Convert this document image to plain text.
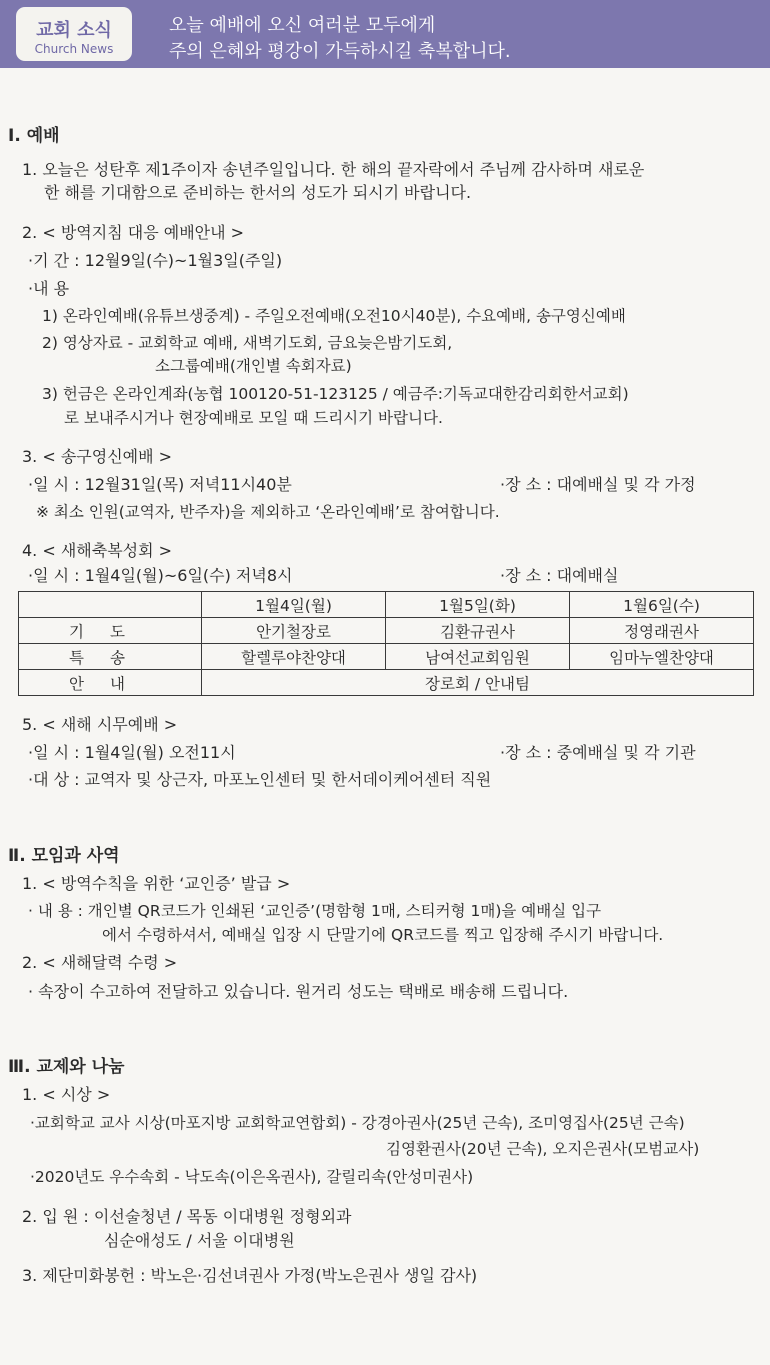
교회 소식
Church News
오늘 예배에 오신 여러분 모두에게
주의 은혜와 평강이 가득하시길 축복합니다.
Ⅰ. 예배
1. 오늘은 성탄후 제1주이자 송년주일입니다. 한 해의 끝자락에서 주님께 감사하며 새로운
한 해를 기대함으로 준비하는 한서의 성도가 되시기 바랍니다.
2. < 방역지침 대응 예배안내 >
·기 간 : 12월9일(수)~1월3일(주일)
·내 용
1) 온라인예배(유튜브생중계) - 주일오전예배(오전10시40분), 수요예배, 송구영신예배
2) 영상자료 - 교회학교 예배, 새벽기도회, 금요늦은밤기도회,
소그룹예배(개인별 속회자료)
3) 헌금은 온라인계좌(농협 100120-51-123125 / 예금주:기독교대한감리회한서교회)
로 보내주시거나 현장예배로 모일 때 드리시기 바랍니다.
3. < 송구영신예배 >
·일 시 : 12월31일(목) 저녁11시40분	·장 소 : 대예배실 및 각 가정
※ 최소 인원(교역자, 반주자)을 제외하고 ‘온라인예배’로 참여합니다.
4. < 새해축복성회 >
·일 시 : 1월4일(월)~6일(수) 저녁8시	·장 소 : 대예배실
	1월4일(월)	1월5일(화)	1월6일(수)
기도	안기철장로	김환규권사	정영래권사
특송	할렐루야찬양대	남여선교회임원	임마누엘찬양대
안내	장로회 / 안내팀		
5. < 새해 시무예배 >
·일 시 : 1월4일(월) 오전11시	·장 소 : 중예배실 및 각 기관
·대 상 : 교역자 및 상근자, 마포노인센터 및 한서데이케어센터 직원
Ⅱ. 모임과 사역
1. < 방역수칙을 위한 ‘교인증’ 발급 >
· 내 용 : 개인별 QR코드가 인쇄된 ‘교인증’(명함형 1매, 스티커형 1매)을 예배실 입구
에서 수령하셔서, 예배실 입장 시 단말기에 QR코드를 찍고 입장해 주시기 바랍니다.
2. < 새해달력 수령 >
· 속장이 수고하여 전달하고 있습니다. 원거리 성도는 택배로 배송해 드립니다.
Ⅲ. 교제와 나눔
1. < 시상 >
·교회학교 교사 시상(마포지방 교회학교연합회) - 강경아권사(25년 근속), 조미영집사(25년 근속)
김영환권사(20년 근속), 오지은권사(모범교사)
·2020년도 우수속회 - 낙도속(이은옥권사), 갈릴리속(안성미권사)
2. 입 원 : 이선술청년 / 목동 이대병원 정형외과
심순애성도 / 서울 이대병원
3. 제단미화봉헌 : 박노은·김선녀권사 가정(박노은권사 생일 감사)
